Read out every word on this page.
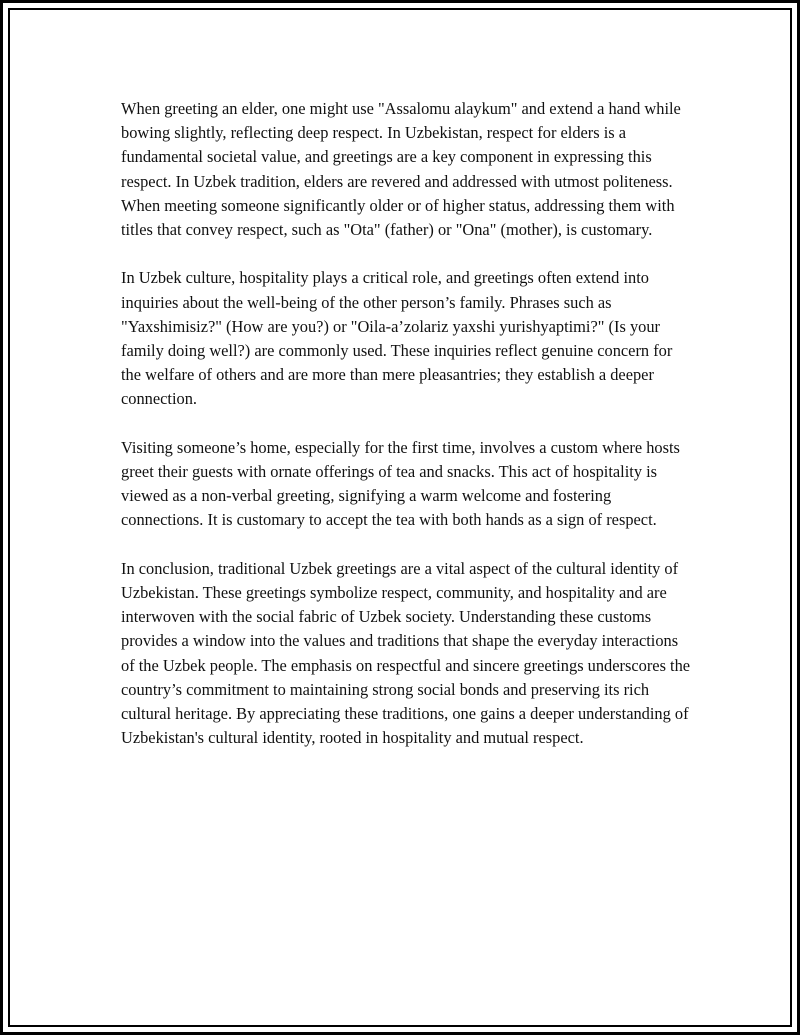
When greeting an elder, one might use "Assalomu alaykum" and extend a hand while bowing slightly, reflecting deep respect. In Uzbekistan, respect for elders is a fundamental societal value, and greetings are a key component in expressing this respect. In Uzbek tradition, elders are revered and addressed with utmost politeness. When meeting someone significantly older or of higher status, addressing them with titles that convey respect, such as "Ota" (father) or "Ona" (mother), is customary.

In Uzbek culture, hospitality plays a critical role, and greetings often extend into inquiries about the well-being of the other person’s family. Phrases such as "Yaxshimisiz?" (How are you?) or "Oila-a’zolariz yaxshi yurishyaptimi?" (Is your family doing well?) are commonly used. These inquiries reflect genuine concern for the welfare of others and are more than mere pleasantries; they establish a deeper connection.

Visiting someone’s home, especially for the first time, involves a custom where hosts greet their guests with ornate offerings of tea and snacks. This act of hospitality is viewed as a non-verbal greeting, signifying a warm welcome and fostering connections. It is customary to accept the tea with both hands as a sign of respect.

In conclusion, traditional Uzbek greetings are a vital aspect of the cultural identity of Uzbekistan. These greetings symbolize respect, community, and hospitality and are interwoven with the social fabric of Uzbek society. Understanding these customs provides a window into the values and traditions that shape the everyday interactions of the Uzbek people. The emphasis on respectful and sincere greetings underscores the country’s commitment to maintaining strong social bonds and preserving its rich cultural heritage. By appreciating these traditions, one gains a deeper understanding of Uzbekistan's cultural identity, rooted in hospitality and mutual respect.
